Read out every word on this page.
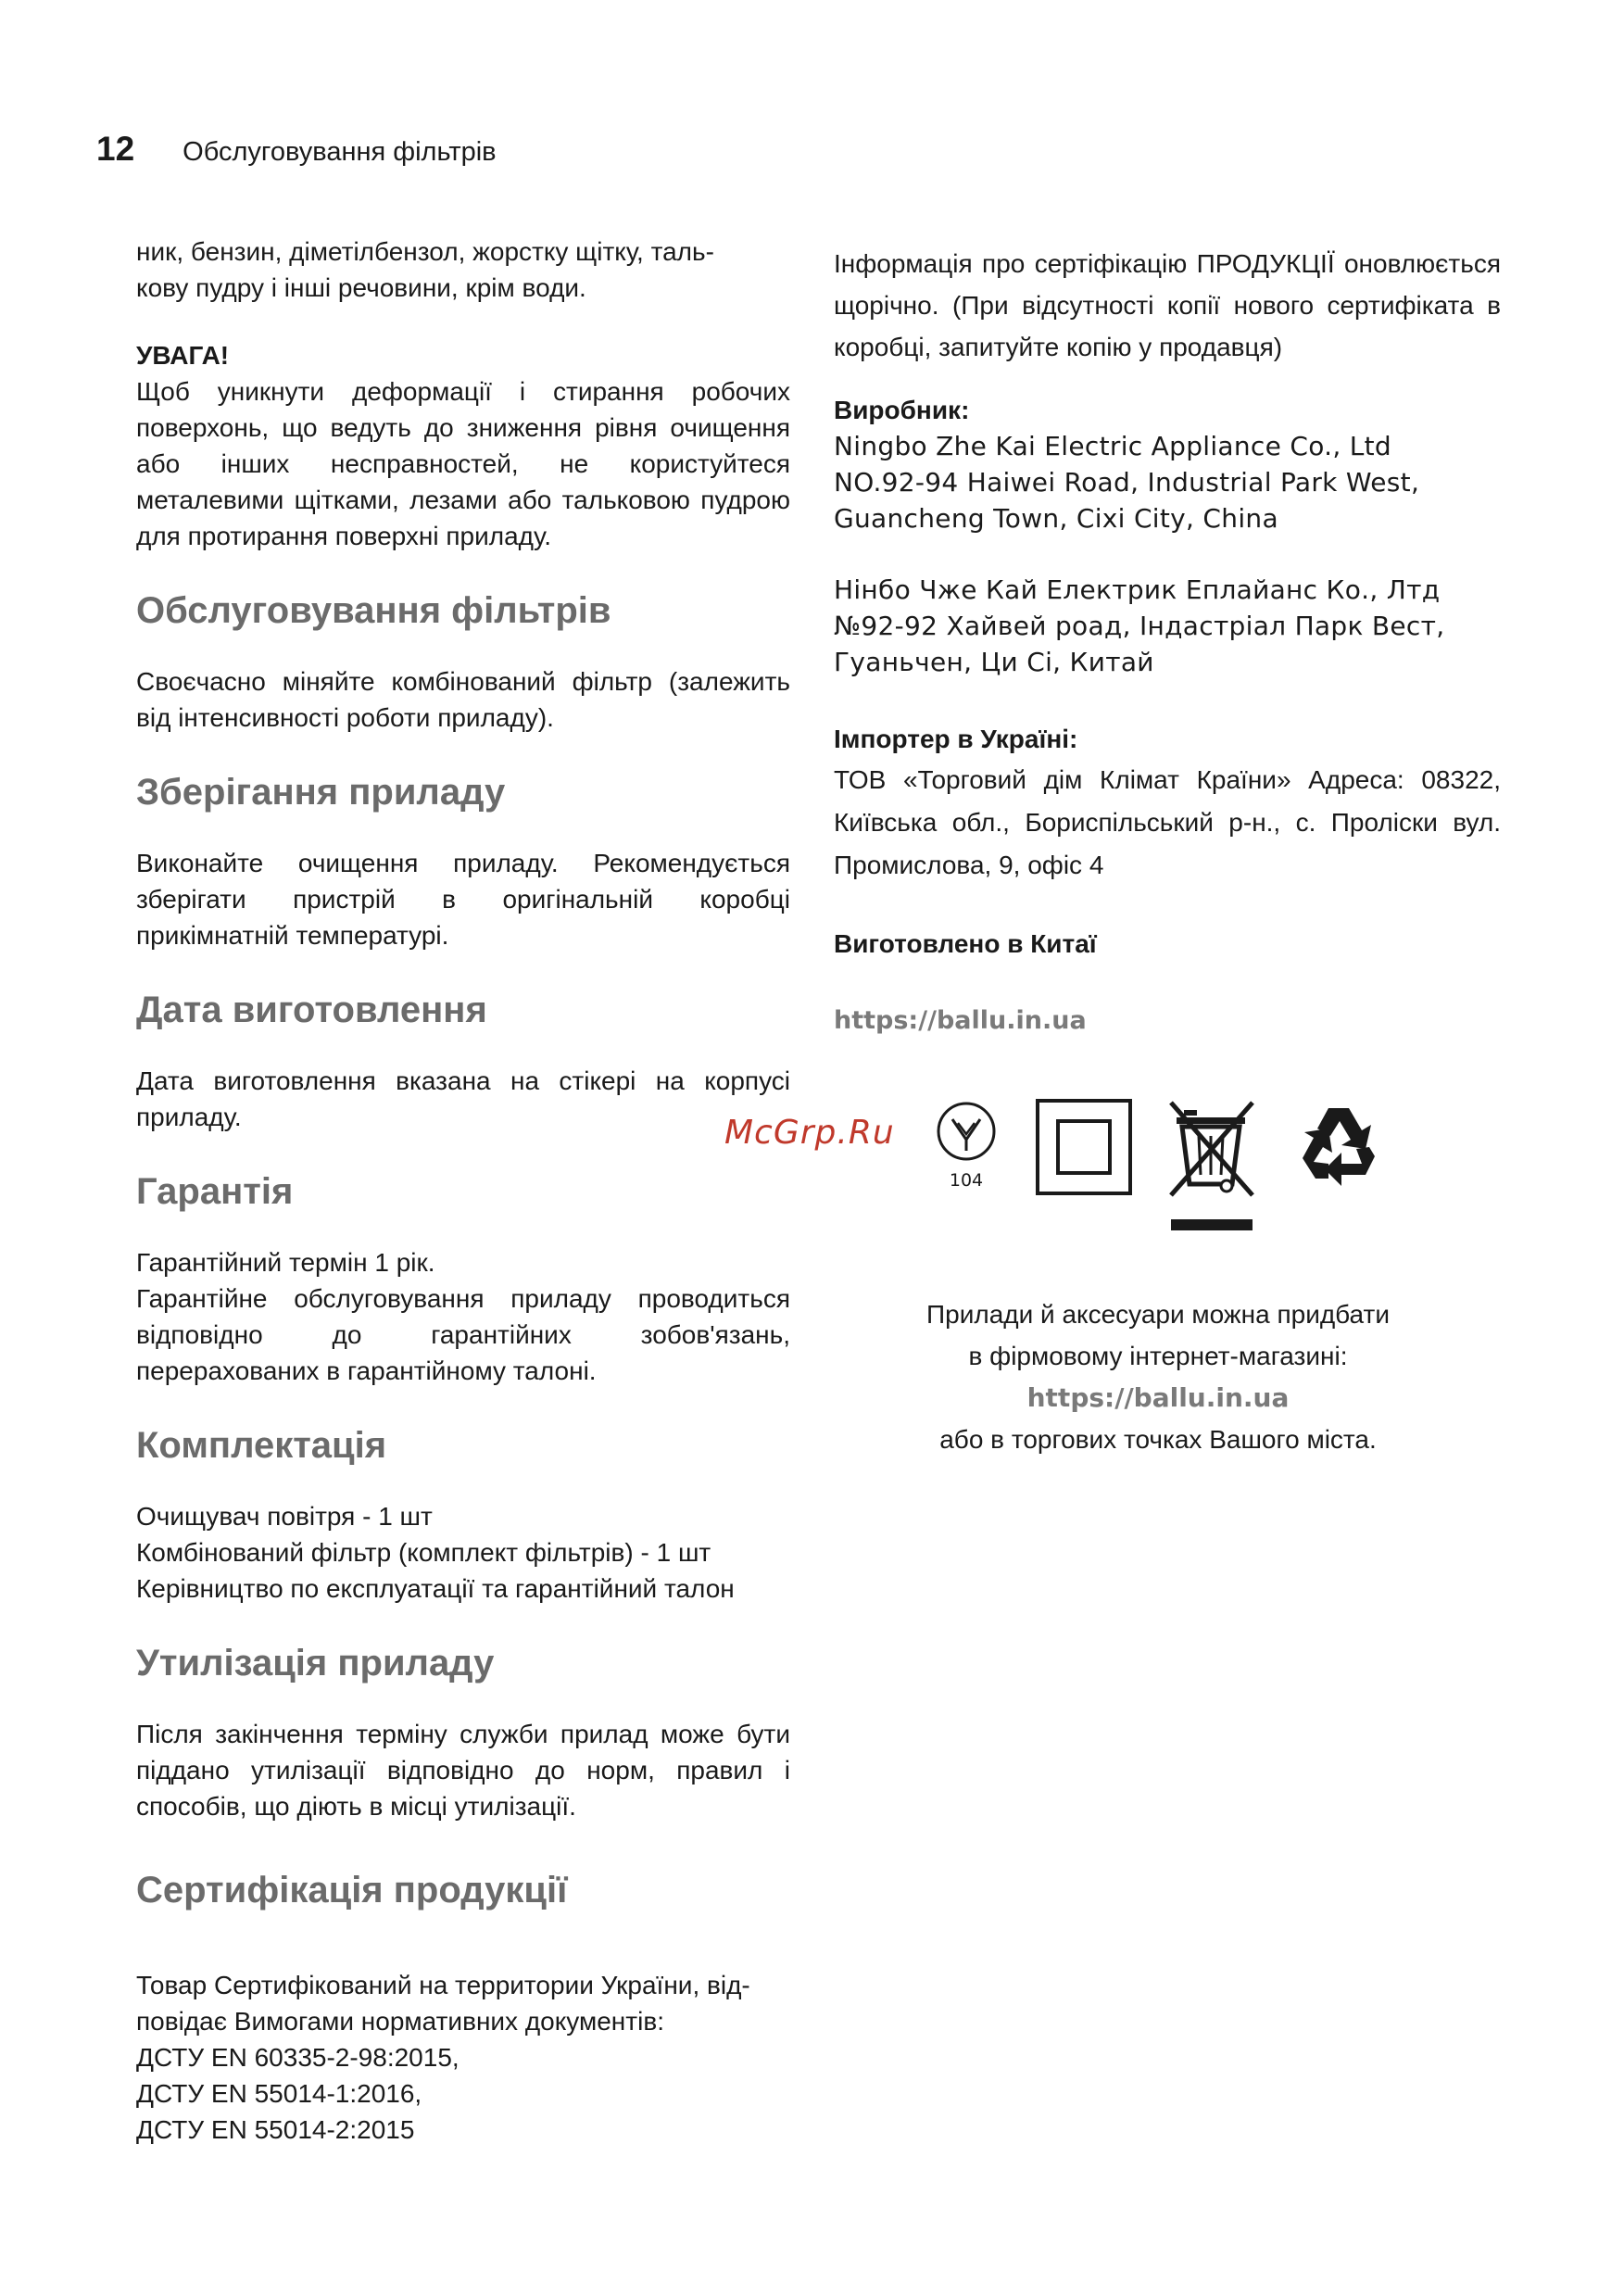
12 Обслуговування фільтрів

ник, бензин, діметілбензол, жорстку щітку, таль-

кову пудру і інші речовини, крім води.

УВАГА!

Щоб уникнути деформації і стирання робочих поверхонь, що ведуть до зниження рівня очищення або інших несправностей, не користуйтеся металевими щітками, лезами або тальковою пудрою для протирання поверхні приладу.

Обслуговування фільтрів

Своєчасно міняйте комбінований фільтр (залежить від інтенсивності роботи приладу).

Зберігання приладу

Виконайте очищення приладу. Рекомендується зберігати пристрій в оригінальній коробці прикімнатній температурі.

Дата виготовлення

Дата виготовлення вказана на стікері на корпусі приладу.

Гарантія

Гарантійний термін 1 рік.

Гарантійне обслуговування приладу проводиться відповідно до гарантійних зобов'язань, перерахованих в гарантійному талоні.

Комплектація

Очищувач повітря - 1 шт

Комбінований фільтр (комплект фільтрів) - 1 шт

Керівництво по експлуатації та гарантійний талон

Утилізація приладу

Після закінчення терміну служби прилад може бути піддано утилізації відповідно до норм, правил і способів, що діють в місці утилізації.

Сертифікація продукції

Товар Сертифікований на территории України, від-

повідає Вимогами нормативних документів:

ДСТУ EN 60335-2-98:2015,

ДСТУ EN 55014-1:2016,

ДСТУ EN 55014-2:2015

Інформація про сертіфікацію ПРОДУКЦІЇ оновлюється щорічно. (При відсутності копії нового сертифіката в коробці, запитуйте копію у продавця)

Виробник:

Ningbo Zhe Kai Electric Appliance Co., Ltd

NO.92-94 Haiwei Road, Industrial Park West,

Guancheng Town, Cixi City, China

Нінбо Чже Кай Електрик Еплайанс Ко., Лтд

№92-92 Хайвей роад, Індастріал Парк Вест,

Гуаньчен, Ци Сі, Китай

Імпортер в Україні:

ТОВ «Торговий дім Клімат Країни» Адреса: 08322, Київська обл., Бориспільський р-н., с. Пролiски вул. Промислова, 9, офіс 4

Виготовлено в Китаї

https://ballu.in.ua

McGrp.Ru
104

Прилади й аксесуари можна придбати

в фірмовому інтернет-магазині:

https://ballu.in.ua

або в торгових точках Вашого міста.
